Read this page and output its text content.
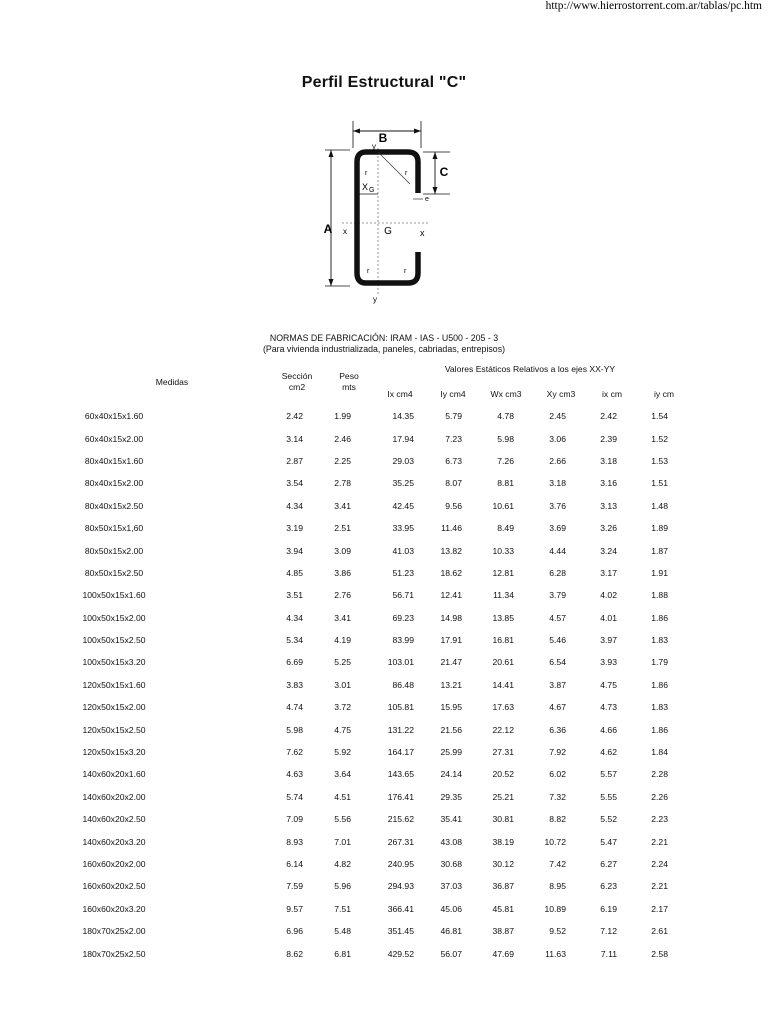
http://www.hierrostorrent.com.ar/tablas/pc.htm
Perfil Estructural "C"
B
C
A	G
x	x
y
y
X G
r	r
r	r
e
NORMAS DE FABRICACIÓN: IRAM - IAS - U500 - 205 - 3
(Para vivienda industrializada, paneles, cabriadas, entrepisos)
Medidas
Sección
cm2
Peso
mts
Valores Estáticos Relativos a los ejes XX-YY
Ix cm4	Iy cm4	Wx cm3	Xy cm3	ix cm	iy cm
60x40x15x1.60	2.42	1.99	14.35	5.79	4.78	2.45	2.42	1.54
60x40x15x2.00	3.14	2.46	17.94	7.23	5.98	3.06	2.39	1.52
80x40x15x1.60	2.87	2.25	29.03	6.73	7.26	2.66	3.18	1.53
80x40x15x2.00	3.54	2.78	35.25	8.07	8.81	3.18	3.16	1.51
80x40x15x2.50	4.34	3.41	42.45	9.56	10.61	3.76	3.13	1.48
80x50x15x1,60	3.19	2.51	33.95	11.46	8.49	3.69	3.26	1.89
80x50x15x2.00	3.94	3.09	41.03	13.82	10.33	4.44	3.24	1.87
80x50x15x2.50	4.85	3.86	51.23	18.62	12.81	6.28	3.17	1.91
100x50x15x1.60	3.51	2.76	56.71	12.41	11.34	3.79	4.02	1.88
100x50x15x2.00	4.34	3.41	69.23	14.98	13.85	4.57	4.01	1.86
100x50x15x2.50	5.34	4.19	83.99	17.91	16.81	5.46	3.97	1.83
100x50x15x3.20	6.69	5.25	103.01	21.47	20.61	6.54	3.93	1.79
120x50x15x1.60	3.83	3.01	86.48	13.21	14.41	3.87	4.75	1.86
120x50x15x2.00	4.74	3.72	105.81	15.95	17.63	4.67	4.73	1.83
120x50x15x2.50	5.98	4.75	131.22	21.56	22.12	6.36	4.66	1.86
120x50x15x3.20	7.62	5.92	164.17	25.99	27.31	7.92	4.62	1.84
140x60x20x1.60	4.63	3.64	143.65	24.14	20.52	6.02	5.57	2.28
140x60x20x2.00	5.74	4.51	176.41	29.35	25.21	7.32	5.55	2.26
140x60x20x2.50	7.09	5.56	215.62	35.41	30.81	8.82	5.52	2.23
140x60x20x3.20	8.93	7.01	267.31	43.08	38.19	10.72	5.47	2.21
160x60x20x2.00	6.14	4.82	240.95	30.68	30.12	7.42	6.27	2.24
160x60x20x2.50	7.59	5.96	294.93	37.03	36.87	8.95	6.23	2.21
160x60x20x3.20	9.57	7.51	366.41	45.06	45.81	10.89	6.19	2.17
180x70x25x2.00	6.96	5.48	351.45	46.81	38.87	9.52	7.12	2.61
180x70x25x2.50	8.62	6.81	429.52	56.07	47.69	11.63	7.11	2.58
